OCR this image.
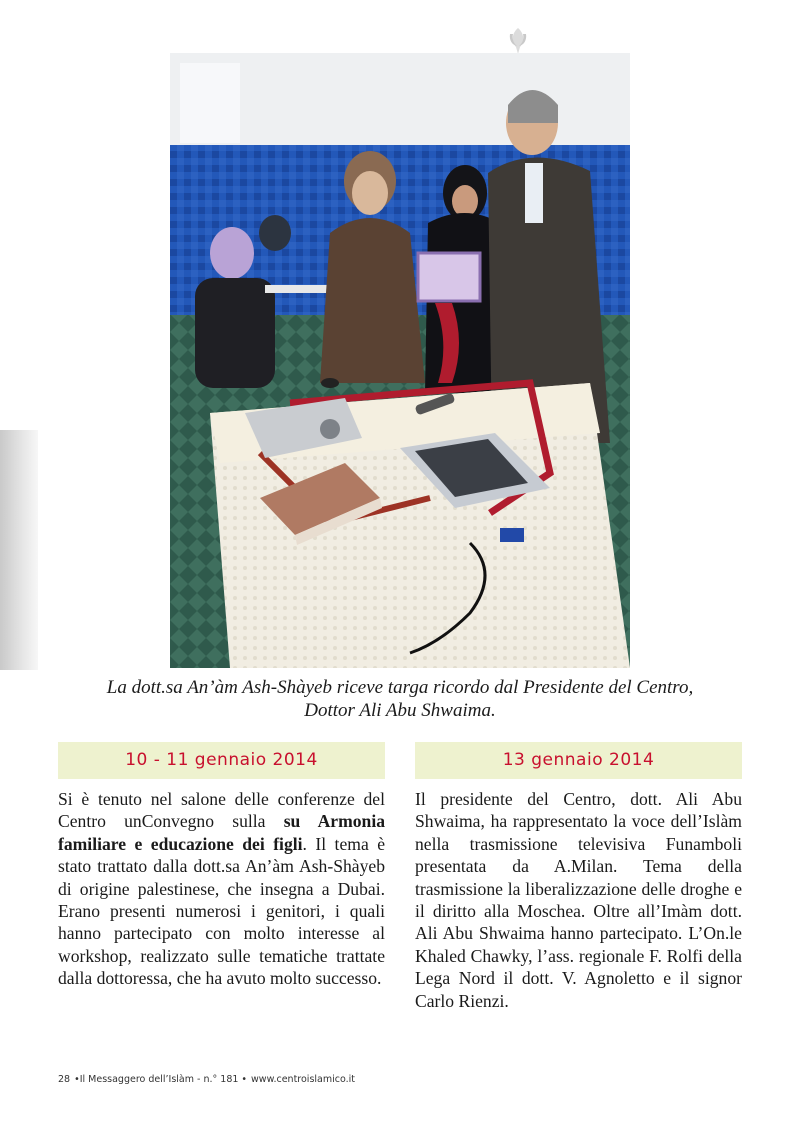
La dott.sa An’àm Ash-Shàyeb riceve targa ricordo dal Presidente del Centro,
Dottor Ali Abu Shwaima.
10 - 11 gennaio 2014
Si è tenuto nel salone delle conferenze del Centro unConvegno sulla su Armonia familiare e educazione dei figli. Il tema è stato trattato dalla dott.sa An’àm Ash-Shàyeb di origine palestinese, che insegna a Dubai. Erano presenti numerosi i genitori, i quali hanno partecipato con molto interesse al workshop, realizzato sulle tematiche trattate dalla dottoressa, che ha avuto molto successo.
13 gennaio 2014
Il presidente del Centro, dott. Ali Abu Shwaima, ha rappresentato la voce dell’Islàm nella trasmissione televisiva Funamboli presentata da A.Milan. Tema della trasmissione la liberalizzazione delle droghe e il diritto alla Moschea. Oltre all’Imàm dott. Ali Abu Shwaima hanno partecipato. L’On.le Khaled Chawky, l’ass. regionale F. Rolfi della Lega Nord il dott. V. Agnoletto e il signor Carlo Rienzi.
28 •Il Messaggero dell’Islàm - n.° 181 • www.centroislamico.it
